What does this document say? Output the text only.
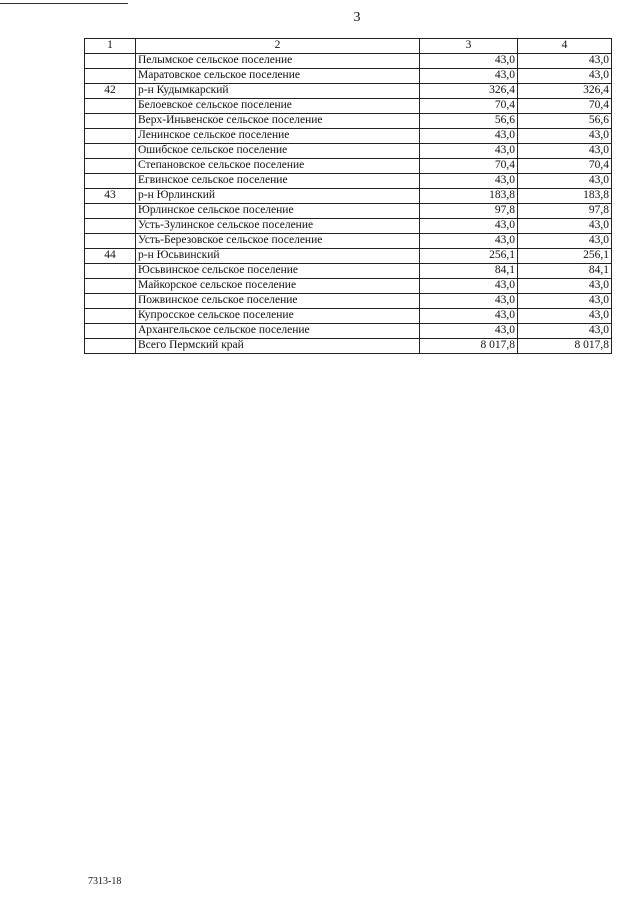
3
1	2	3	4
	Пелымское сельское поселение	43,0	43,0
	Маратовское сельское поселение	43,0	43,0
42	р-н Кудымкарский	326,4	326,4
	Белоевское сельское поселение	70,4	70,4
	Верх-Иньвенское сельское поселение	56,6	56,6
	Ленинское сельское поселение	43,0	43,0
	Ошибское сельское поселение	43,0	43,0
	Степановское сельское поселение	70,4	70,4
	Егвинское сельское поселение	43,0	43,0
43	р-н Юрлинский	183,8	183,8
	Юрлинское сельское поселение	97,8	97,8
	Усть-Зулинское сельское поселение	43,0	43,0
	Усть-Березовское сельское поселение	43,0	43,0
44	р-н Юсьвинский	256,1	256,1
	Юсьвинское сельское поселение	84,1	84,1
	Майкорское сельское поселение	43,0	43,0
	Пожвинское сельское поселение	43,0	43,0
	Купросское сельское поселение	43,0	43,0
	Архангельское сельское поселение	43,0	43,0
	Всего Пермский край	8 017,8	8 017,8
7313-18
